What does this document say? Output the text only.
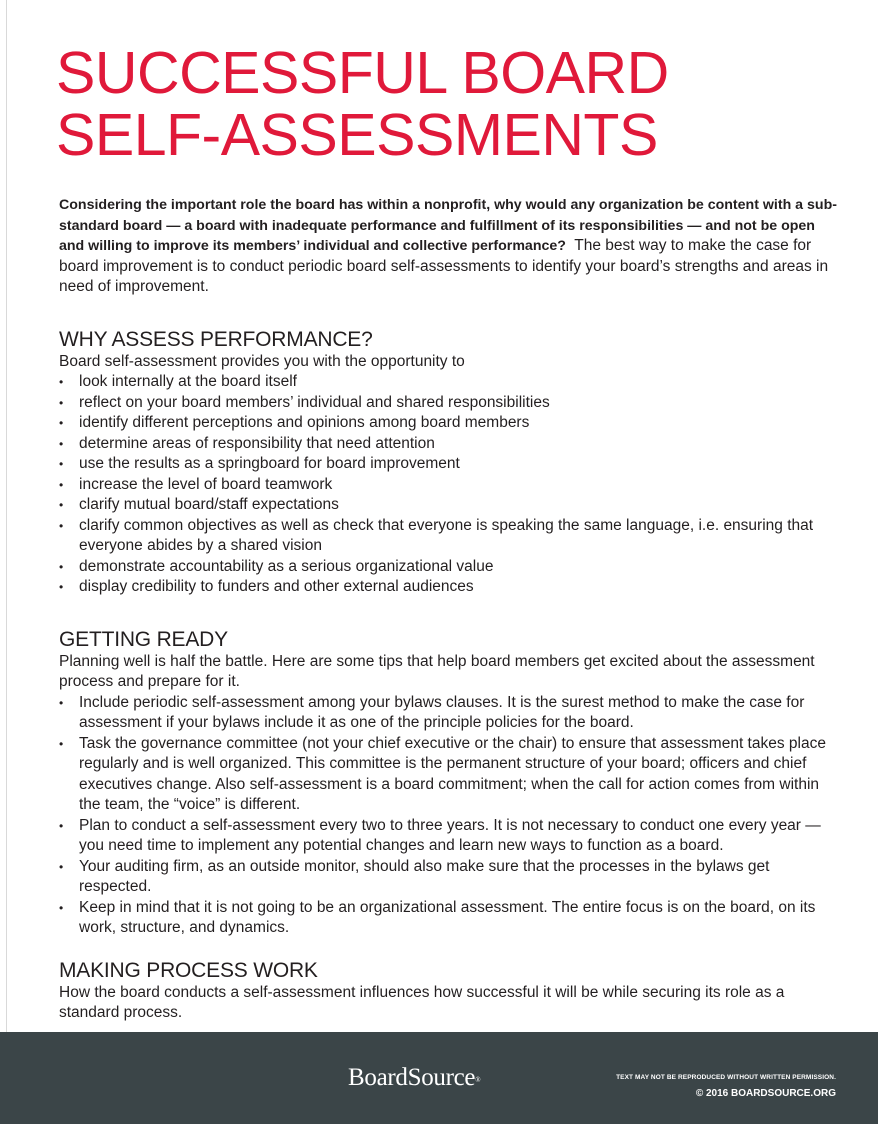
SUCCESSFUL BOARD
SELF-ASSESSMENTS

Considering the important role the board has within a nonprofit, why would any organization be content with a sub-standard board — a board with inadequate performance and fulfillment of its responsibilities — and not be open and willing to improve its members’ individual and collective performance? The best way to make the case for board improvement is to conduct periodic board self-assessments to identify your board’s strengths and areas in need of improvement.

WHY ASSESS PERFORMANCE?

Board self-assessment provides you with the opportunity to

• look internally at the board itself
• reflect on your board members’ individual and shared responsibilities
• identify different perceptions and opinions among board members
• determine areas of responsibility that need attention
• use the results as a springboard for board improvement
• increase the level of board teamwork
• clarify mutual board/staff expectations
• clarify common objectives as well as check that everyone is speaking the same language, i.e. ensuring that everyone abides by a shared vision
• demonstrate accountability as a serious organizational value
• display credibility to funders and other external audiences
GETTING READY

Planning well is half the battle. Here are some tips that help board members get excited about the assessment process and prepare for it.

• Include periodic self-assessment among your bylaws clauses. It is the surest method to make the case for assessment if your bylaws include it as one of the principle policies for the board.
• Task the governance committee (not your chief executive or the chair) to ensure that assessment takes place regularly and is well organized. This committee is the permanent structure of your board; officers and chief executives change. Also self-assessment is a board commitment; when the call for action comes from within the team, the “voice” is different.
• Plan to conduct a self-assessment every two to three years. It is not necessary to conduct one every year — you need time to implement any potential changes and learn new ways to function as a board.
• Your auditing firm, as an outside monitor, should also make sure that the processes in the bylaws get respected.
• Keep in mind that it is not going to be an organizational assessment. The entire focus is on the board, on its work, structure, and dynamics.
MAKING PROCESS WORK

How the board conducts a self-assessment influences how successful it will be while securing its role as a standard process.

BoardSource®	TEXT MAY NOT BE REPRODUCED WITHOUT WRITTEN PERMISSION.

© 2016 BOARDSOURCE.ORG
